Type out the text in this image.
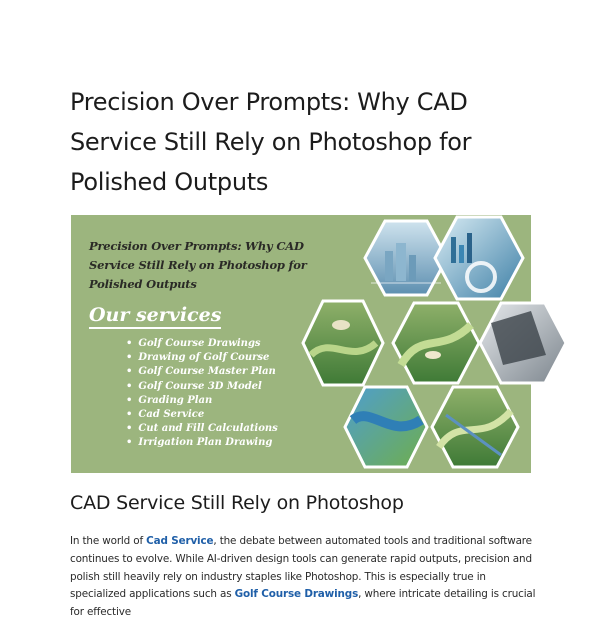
Precision Over Prompts: Why CAD Service Still Rely on Photoshop for Polished Outputs
Precision Over Prompts: Why CAD Service Still Rely on Photoshop for Polished Outputs
Our services
• Golf Course Drawings
• Drawing of Golf Course
• Golf Course Master Plan
• Golf Course 3D Model
• Grading Plan
• Cad Service
• Cut and Fill Calculations
• Irrigation Plan Drawing
CAD Service Still Rely on Photoshop

In the world of Cad Service, the debate between automated tools and traditional software continues to evolve. While AI-driven design tools can generate rapid outputs, precision and polish still heavily rely on industry staples like Photoshop. This is especially true in specialized applications such as Golf Course Drawings, where intricate detailing is crucial for effective
